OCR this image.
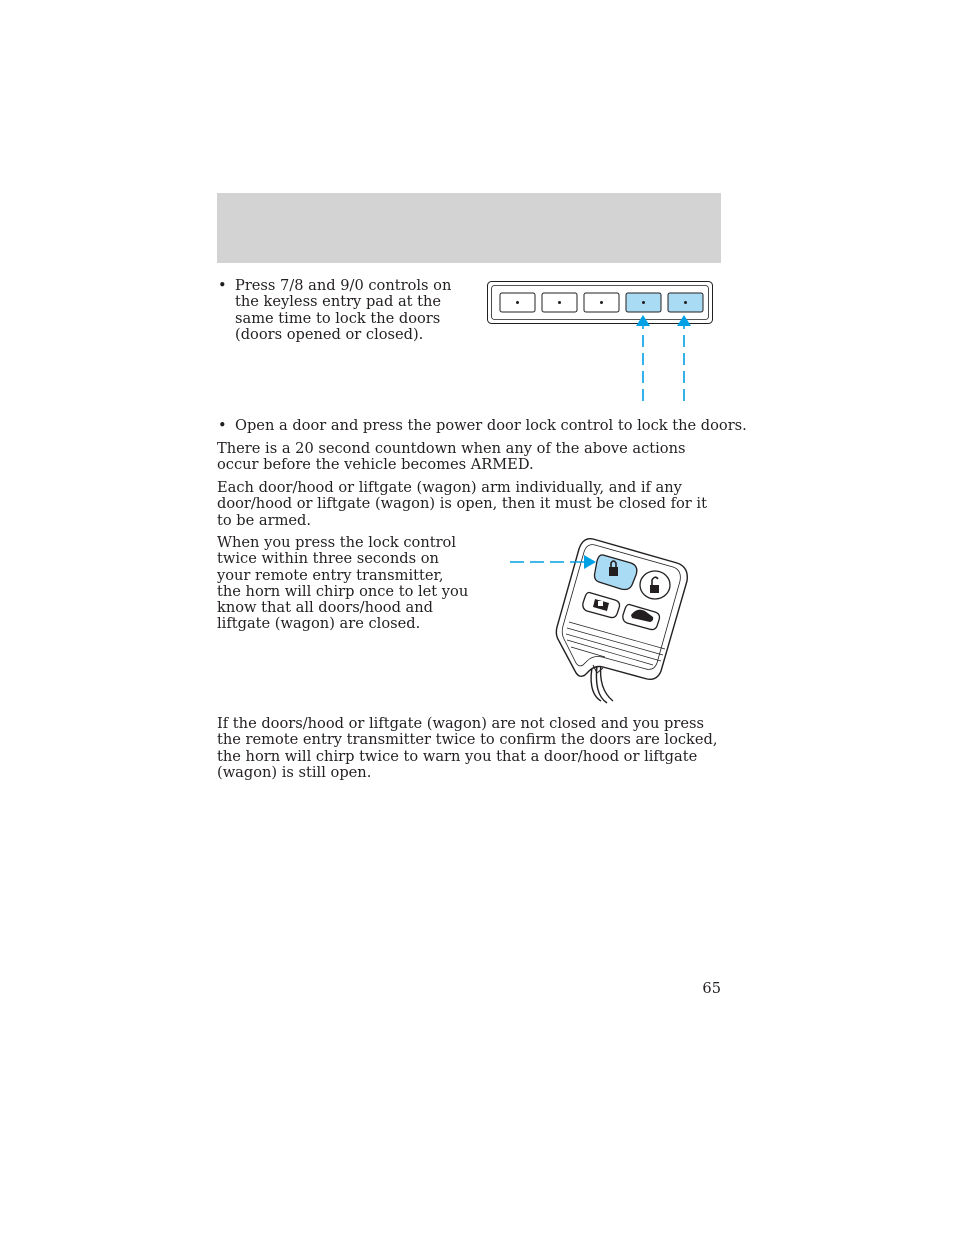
• Press 7/8 and 9/0 controls on the keyless entry pad at the same time to lock the doors (doors opened or closed).
• Open a door and press the power door lock control to lock the doors.

There is a 20 second countdown when any of the above actions occur before the vehicle becomes ARMED.

Each door/hood or liftgate (wagon) arm individually, and if any door/hood or liftgate (wagon) is open, then it must be closed for it to be armed.

When you press the lock control twice within three seconds on your remote entry transmitter, the horn will chirp once to let you know that all doors/hood and liftgate (wagon) are closed.

If the doors/hood or liftgate (wagon) are not closed and you press the remote entry transmitter twice to confirm the doors are locked, the horn will chirp twice to warn you that a door/hood or liftgate (wagon) is still open.

65
